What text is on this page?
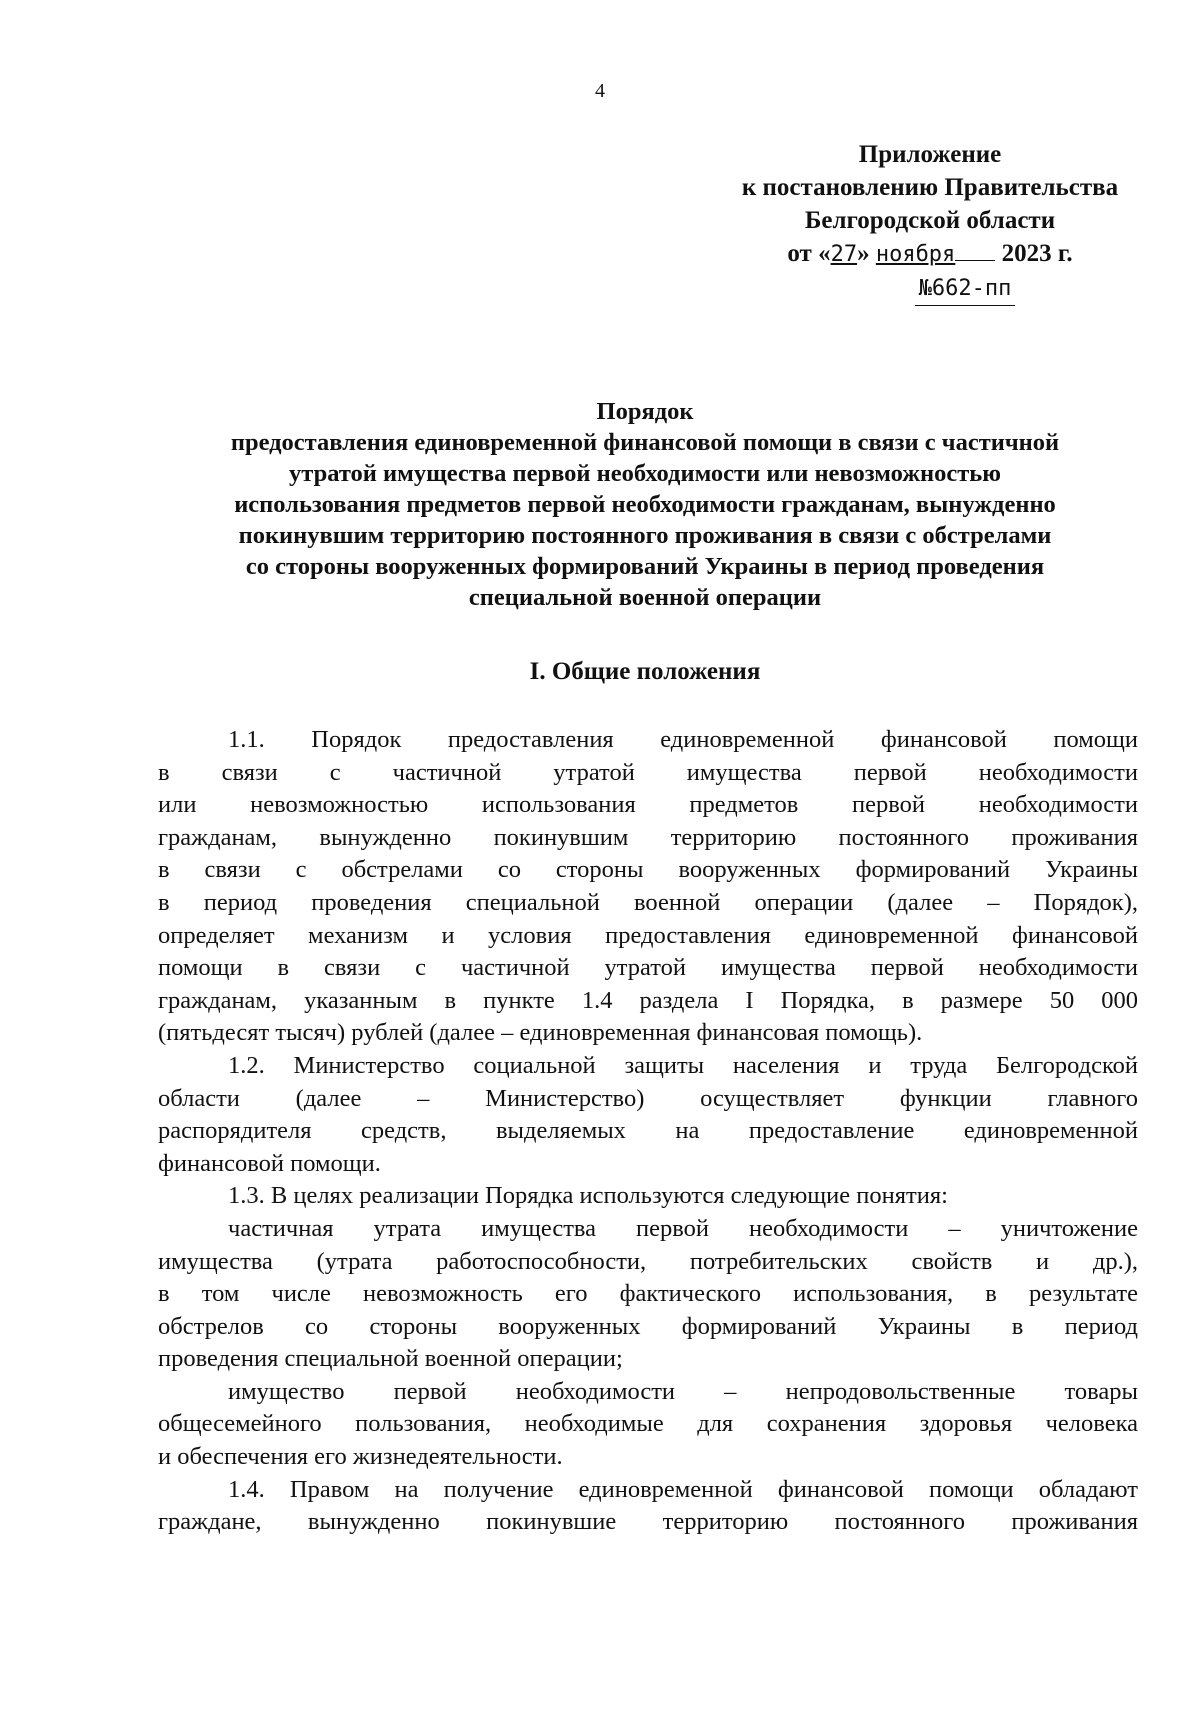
4
Приложение
к постановлению Правительства
Белгородской области
от «27» ноября 2023 г.
№662-пп
Порядок
предоставления единовременной финансовой помощи в связи с частичной
утратой имущества первой необходимости или невозможностью
использования предметов первой необходимости гражданам, вынужденно
покинувшим территорию постоянного проживания в связи с обстрелами
со стороны вооруженных формирований Украины в период проведения
специальной военной операции
I. Общие положения
1.1. Порядок предоставления единовременной финансовой помощи
в связи с частичной утратой имущества первой необходимости
или невозможностью использования предметов первой необходимости
гражданам, вынужденно покинувшим территорию постоянного проживания
в связи с обстрелами со стороны вооруженных формирований Украины
в период проведения специальной военной операции (далее – Порядок),
определяет механизм и условия предоставления единовременной финансовой
помощи в связи с частичной утратой имущества первой необходимости
гражданам, указанным в пункте 1.4 раздела I Порядка, в размере 50 000
(пятьдесят тысяч) рублей (далее – единовременная финансовая помощь).
1.2. Министерство социальной защиты населения и труда Белгородской
области (далее – Министерство) осуществляет функции главного
распорядителя средств, выделяемых на предоставление единовременной
финансовой помощи.
1.3. В целях реализации Порядка используются следующие понятия:
частичная утрата имущества первой необходимости – уничтожение
имущества (утрата работоспособности, потребительских свойств и др.),
в том числе невозможность его фактического использования, в результате
обстрелов со стороны вооруженных формирований Украины в период
проведения специальной военной операции;
имущество первой необходимости – непродовольственные товары
общесемейного пользования, необходимые для сохранения здоровья человека
и обеспечения его жизнедеятельности.
1.4. Правом на получение единовременной финансовой помощи обладают
граждане, вынужденно покинувшие территорию постоянного проживания
